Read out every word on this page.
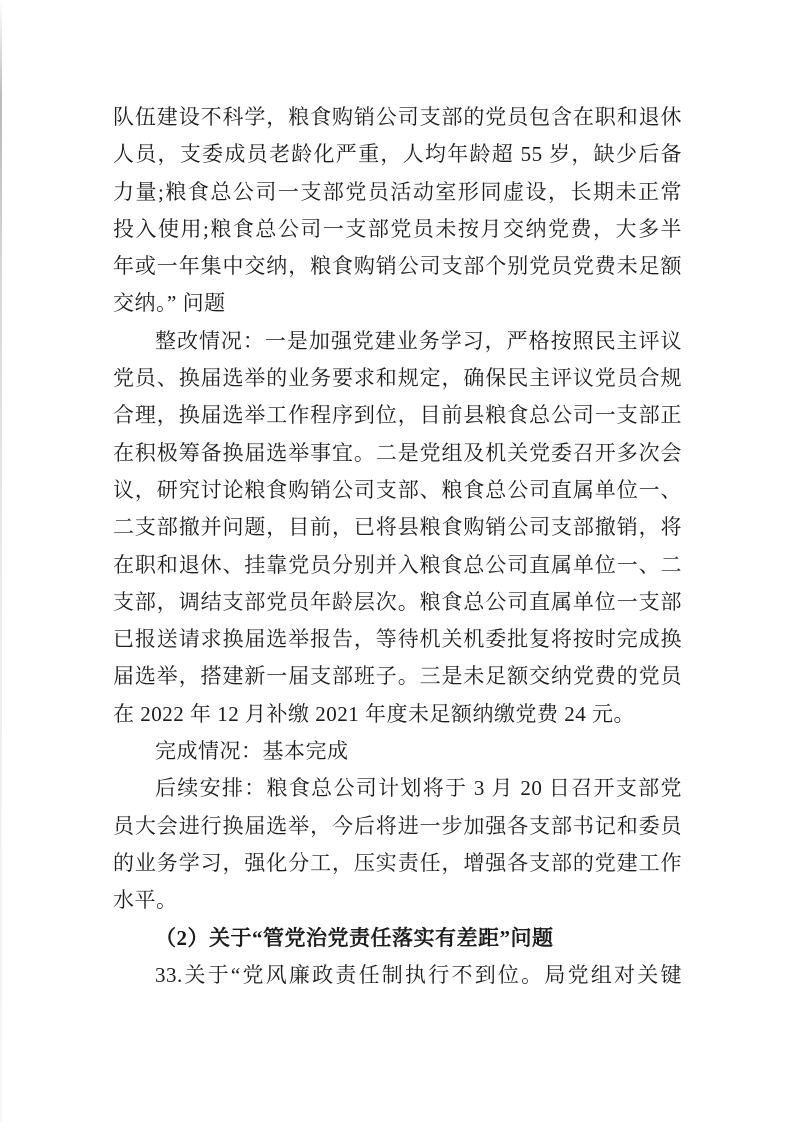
队伍建设不科学，粮食购销公司支部的党员包含在职和退休
人员，支委成员老龄化严重，人均年龄超 55 岁，缺少后备
力量;粮食总公司一支部党员活动室形同虚设，长期未正常
投入使用;粮食总公司一支部党员未按月交纳党费，大多半
年或一年集中交纳，粮食购销公司支部个别党员党费未足额
交纳。” 问题
整改情况：一是加强党建业务学习，严格按照民主评议
党员、换届选举的业务要求和规定，确保民主评议党员合规
合理，换届选举工作程序到位，目前县粮食总公司一支部正
在积极筹备换届选举事宜。二是党组及机关党委召开多次会
议，研究讨论粮食购销公司支部、粮食总公司直属单位一、
二支部撤并问题，目前，已将县粮食购销公司支部撤销，将
在职和退休、挂靠党员分别并入粮食总公司直属单位一、二
支部，调结支部党员年龄层次。粮食总公司直属单位一支部
已报送请求换届选举报告，等待机关机委批复将按时完成换
届选举，搭建新一届支部班子。三是未足额交纳党费的党员
在 2022 年 12 月补缴 2021 年度未足额纳缴党费 24 元。
完成情况：基本完成
后续安排：粮食总公司计划将于 3 月 20 日召开支部党
员大会进行换届选举，今后将进一步加强各支部书记和委员
的业务学习，强化分工，压实责任，增强各支部的党建工作
水平。
（2）关于“管党治党责任落实有差距”问题
33.关于“党风廉政责任制执行不到位。局党组对关键
